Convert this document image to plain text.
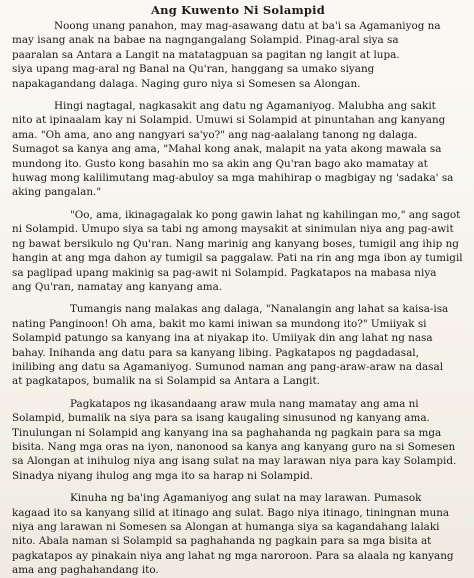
Ang Kuwento Ni Solampid
Noong unang panahon, may mag-asawang datu at ba'i sa Agamaniyog na
may isang anak na babae na nagngangalang Solampid. Pinag-aral siya sa
paaralan sa Antara a Langit na matatagpuan sa pagitan ng langit at lupa.
siya upang mag-aral ng Banal na Qu'ran, hanggang sa umako siyang
napakagandang dalaga. Naging guro niya si Somesen sa Alongan.
Hingi nagtagal, nagkasakit ang datu ng Agamaniyog. Malubha ang sakit
nito at ipinaalam kay ni Solampid. Umuwi si Solampid at pinuntahan ang kanyang
ama. "Oh ama, ano ang nangyari sa'yo?" ang nag-aalalang tanong ng dalaga.
Sumagot sa kanya ang ama, "Mahal kong anak, malapit na yata akong mawala sa
mundong ito. Gusto kong basahin mo sa akin ang Qu'ran bago ako mamatay at
huwag mong kalilimutang mag-abuloy sa mga mahihirap o magbigay ng 'sadaka' sa
aking pangalan."
"Oo, ama, ikinagagalak ko pong gawin lahat ng kahilingan mo," ang sagot
ni Solampid. Umupo siya sa tabi ng among maysakit at sinimulan niya ang pag-awit
ng bawat bersikulo ng Qu'ran. Nang marinig ang kanyang boses, tumigil ang ihip ng
hangin at ang mga dahon ay tumigil sa paggalaw. Pati na rin ang mga ibon ay tumigil
sa paglipad upang makinig sa pag-awit ni Solampid. Pagkatapos na mabasa niya
ang Qu'ran, namatay ang kanyang ama.
Tumangis nang malakas ang dalaga, "Nanalangin ang lahat sa kaisa-isa
nating Panginoon! Oh ama, bakit mo kami iniwan sa mundong ito?" Umiiyak si
Solampid patungo sa kanyang ina at niyakap ito. Umiiyak din ang lahat ng nasa
bahay. Inihanda ang datu para sa kanyang libing. Pagkatapos ng pagdadasal,
inilibing ang datu sa Agamaniyog. Sumunod naman ang pang-araw-araw na dasal
at pagkatapos, bumalik na si Solampid sa Antara a Langit.
Pagkatapos ng ikasandaang araw mula nang mamatay ang ama ni
Solampid, bumalik na siya para sa isang kaugaling sinusunod ng kanyang ama.
Tinulungan ni Solampid ang kanyang ina sa paghahanda ng pagkain para sa mga
bisita. Nang mga oras na iyon, nanonood sa kanya ang kanyang guro na si Somesen
sa Alongan at inihulog niya ang isang sulat na may larawan niya para kay Solampid.
Sinadya niyang ihulog ang mga ito sa harap ni Solampid.
Kinuha ng ba'ing Agamaniyog ang sulat na may larawan. Pumasok
kagaad ito sa kanyang silid at itinago ang sulat. Bago niya itinago, tiningnan muna
niya ang larawan ni Somesen sa Alongan at humanga siya sa kagandahang lalaki
nito. Abala naman si Solampid sa paghahanda ng pagkain para sa mga bisita at
pagkatapos ay pinakain niya ang lahat ng mga naroroon. Para sa alaala ng kanyang
ama ang paghahandang ito.
